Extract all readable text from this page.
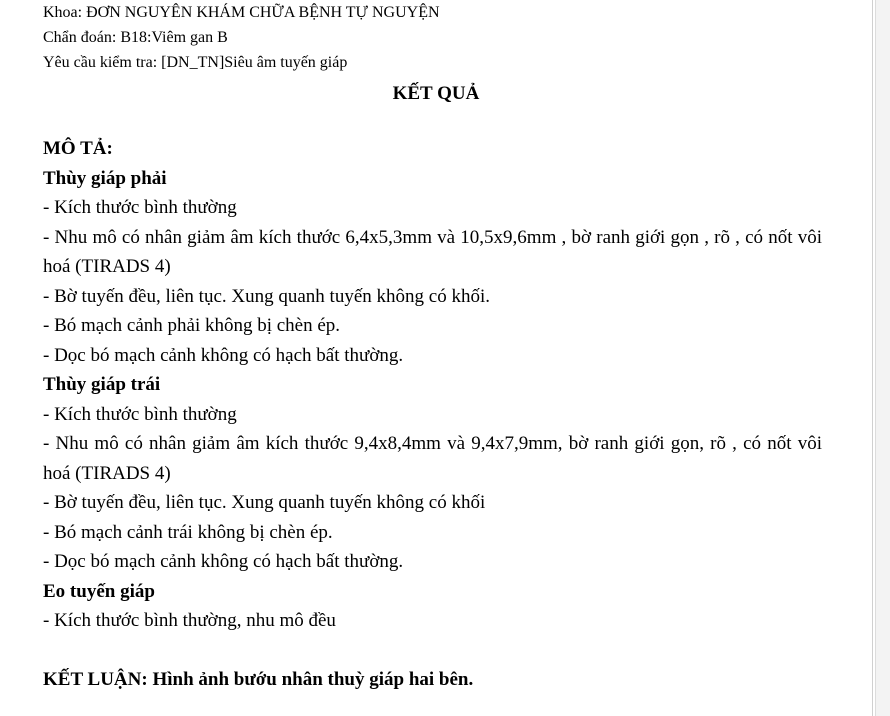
Khoa: ĐƠN NGUYÊN KHÁM CHỮA BỆNH TỰ NGUYỆN
Chẩn đoán: B18:Viêm gan B
Yêu cầu kiểm tra: [DN_TN]Siêu âm tuyến giáp
KẾT QUẢ

MÔ TẢ:

Thùy giáp phải

- Kích thước bình thường

- Nhu mô có nhân giảm âm kích thước 6,4x5,3mm và 10,5x9,6mm , bờ ranh giới gọn , rõ , có nốt vôi hoá (TIRADS 4)

- Bờ tuyến đều, liên tục. Xung quanh tuyến không có khối.

- Bó mạch cảnh phải không bị chèn ép.

- Dọc bó mạch cảnh không có hạch bất thường.

Thùy giáp trái

- Kích thước bình thường

- Nhu mô có nhân giảm âm kích thước 9,4x8,4mm và 9,4x7,9mm, bờ ranh giới gọn, rõ , có nốt vôi hoá (TIRADS 4)

- Bờ tuyến đều, liên tục. Xung quanh tuyến không có khối

- Bó mạch cảnh trái không bị chèn ép.

- Dọc bó mạch cảnh không có hạch bất thường.

Eo tuyến giáp

- Kích thước bình thường, nhu mô đều

KẾT LUẬN: Hình ảnh bướu nhân thuỳ giáp hai bên.
